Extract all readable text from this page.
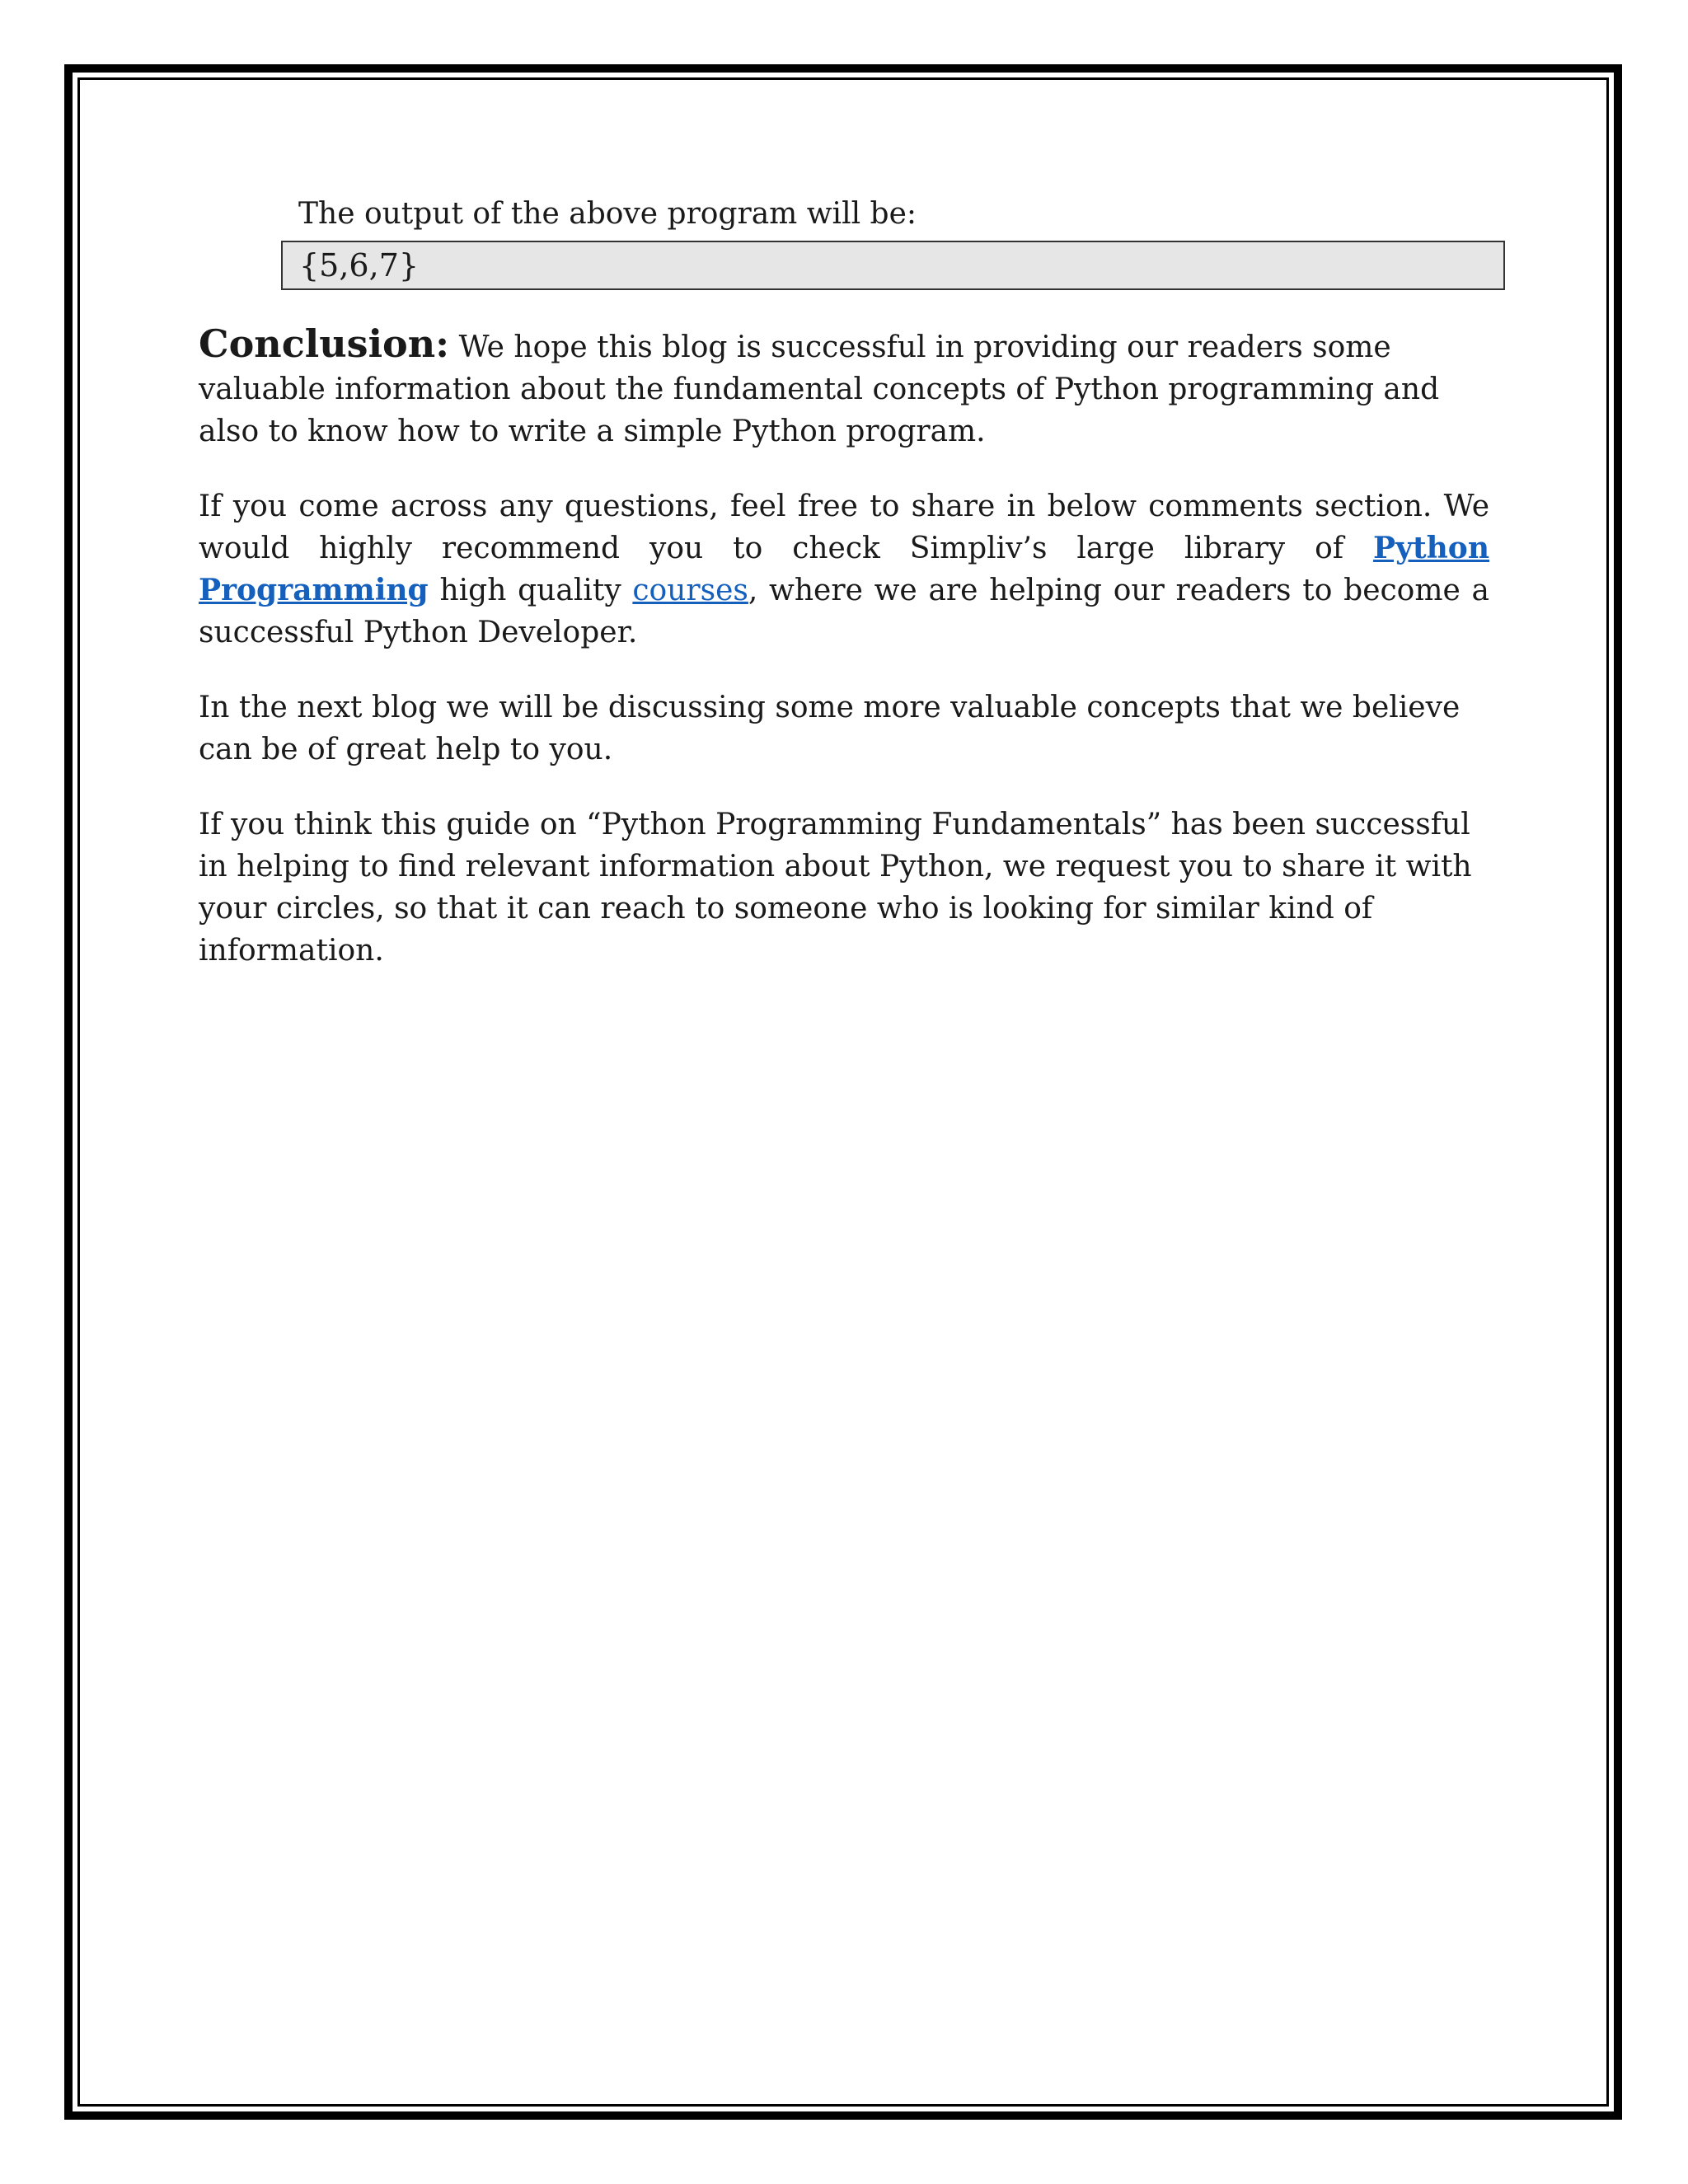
The output of the above program will be:
{5,6,7}

Conclusion: We hope this blog is successful in providing our readers some valuable information about the fundamental concepts of Python programming and also to know how to write a simple Python program.

If you come across any questions, feel free to share in below comments section. We would highly recommend you to check Simpliv’s large library of Python Programming high quality courses, where we are helping our readers to become a successful Python Developer.

In the next blog we will be discussing some more valuable concepts that we believe can be of great help to you.

If you think this guide on “Python Programming Fundamentals” has been successful in helping to find relevant information about Python, we request you to share it with your circles, so that it can reach to someone who is looking for similar kind of information.
